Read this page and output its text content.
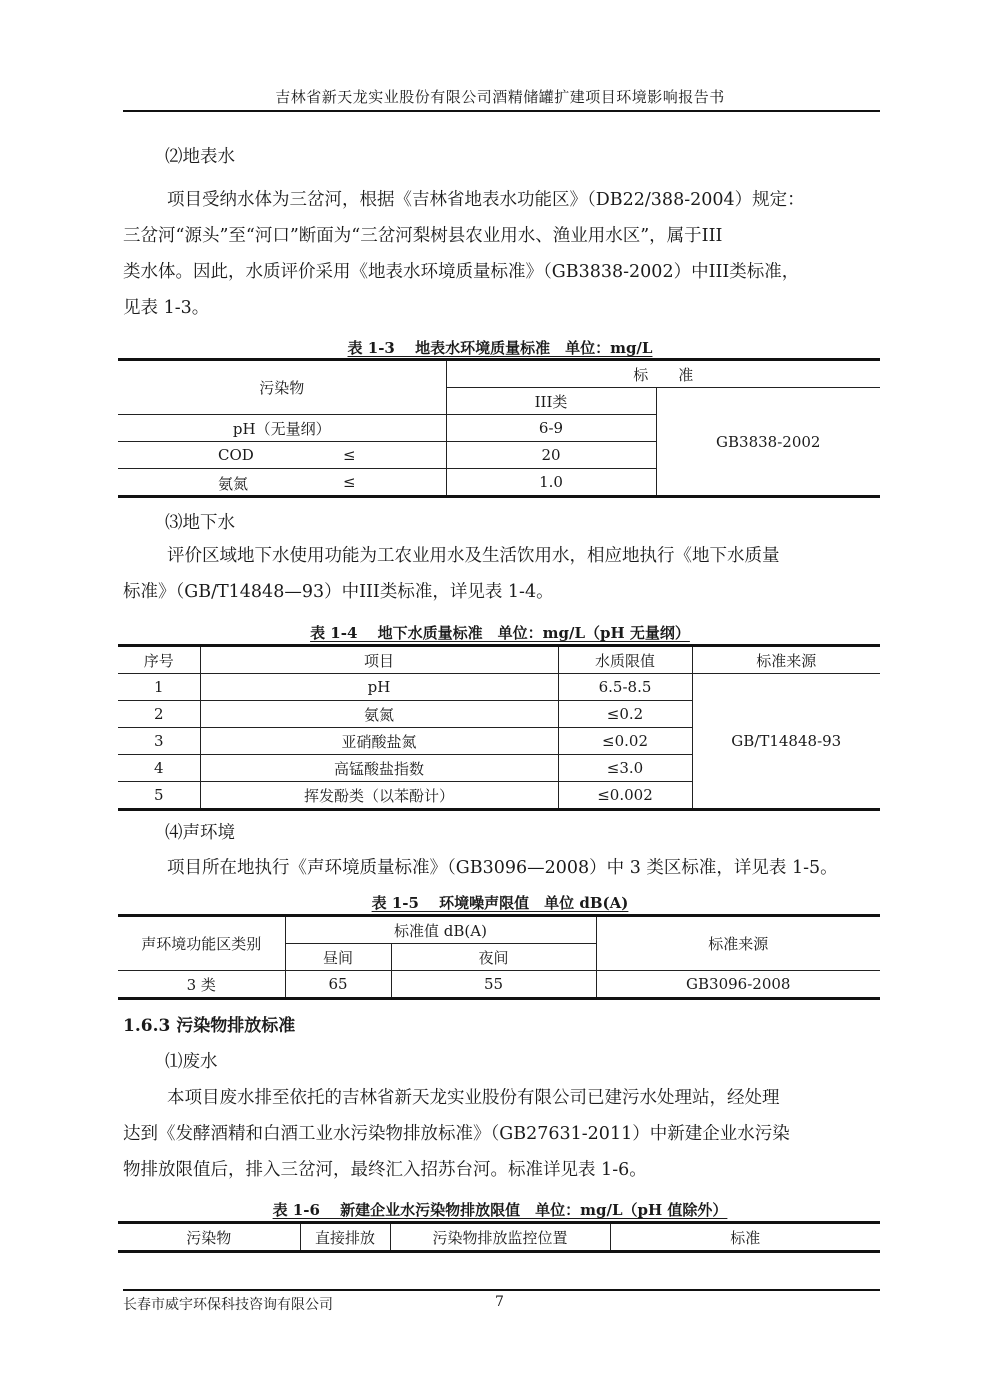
吉林省新天龙实业股份有限公司酒精储罐扩建项目环境影响报告书
⑵地表水
项目受纳水体为三岔河，根据《吉林省地表水功能区》（DB22/388-2004）规定：
三岔河“源头”至“河口”断面为“三岔河梨树县农业用水、渔业用水区”，属于III
类水体。因此，水质评价采用《地表水环境质量标准》（GB3838-2002）中III类标准，
见表 1-3。
表 1-3　 地表水环境质量标准　单位：mg/L
污染物	标　　准	
	III类	GB3838-2002
pH（无量纲）	6-9	

COD ≤	20	

氨氮 ≤	1.0	
⑶地下水
评价区域地下水使用功能为工农业用水及生活饮用水，相应地执行《地下水质量
标准》（GB/T14848—93）中III类标准，详见表 1-4。
表 1-4　 地下水质量标准　单位：mg/L（pH 无量纲）
序号	项目	水质限值	标准来源
1	pH	6.5-8.5	GB/T14848-93
2	氨氮	≤0.2	
3	亚硝酸盐氮	≤0.02	
4	高锰酸盐指数	≤3.0	
5	挥发酚类（以苯酚计）	≤0.002	
⑷声环境
项目所在地执行《声环境质量标准》（GB3096—2008）中 3 类区标准，详见表 1-5。
表 1-5　 环境噪声限值　单位 dB(A)
声环境功能区类别	标准值 dB(A)		标准来源
	昼间	夜间	
3 类	65	55	GB3096-2008
1.6.3 污染物排放标准
⑴废水
本项目废水排至依托的吉林省新天龙实业股份有限公司已建污水处理站，经处理
达到《发酵酒精和白酒工业水污染物排放标准》（GB27631-2011）中新建企业水污染
物排放限值后，排入三岔河，最终汇入招苏台河。标准详见表 1-6。
表 1-6　 新建企业水污染物排放限值　单位：mg/L（pH 值除外）
污染物	直接排放	污染物排放监控位置	标准
长春市威宇环保科技咨询有限公司	7
